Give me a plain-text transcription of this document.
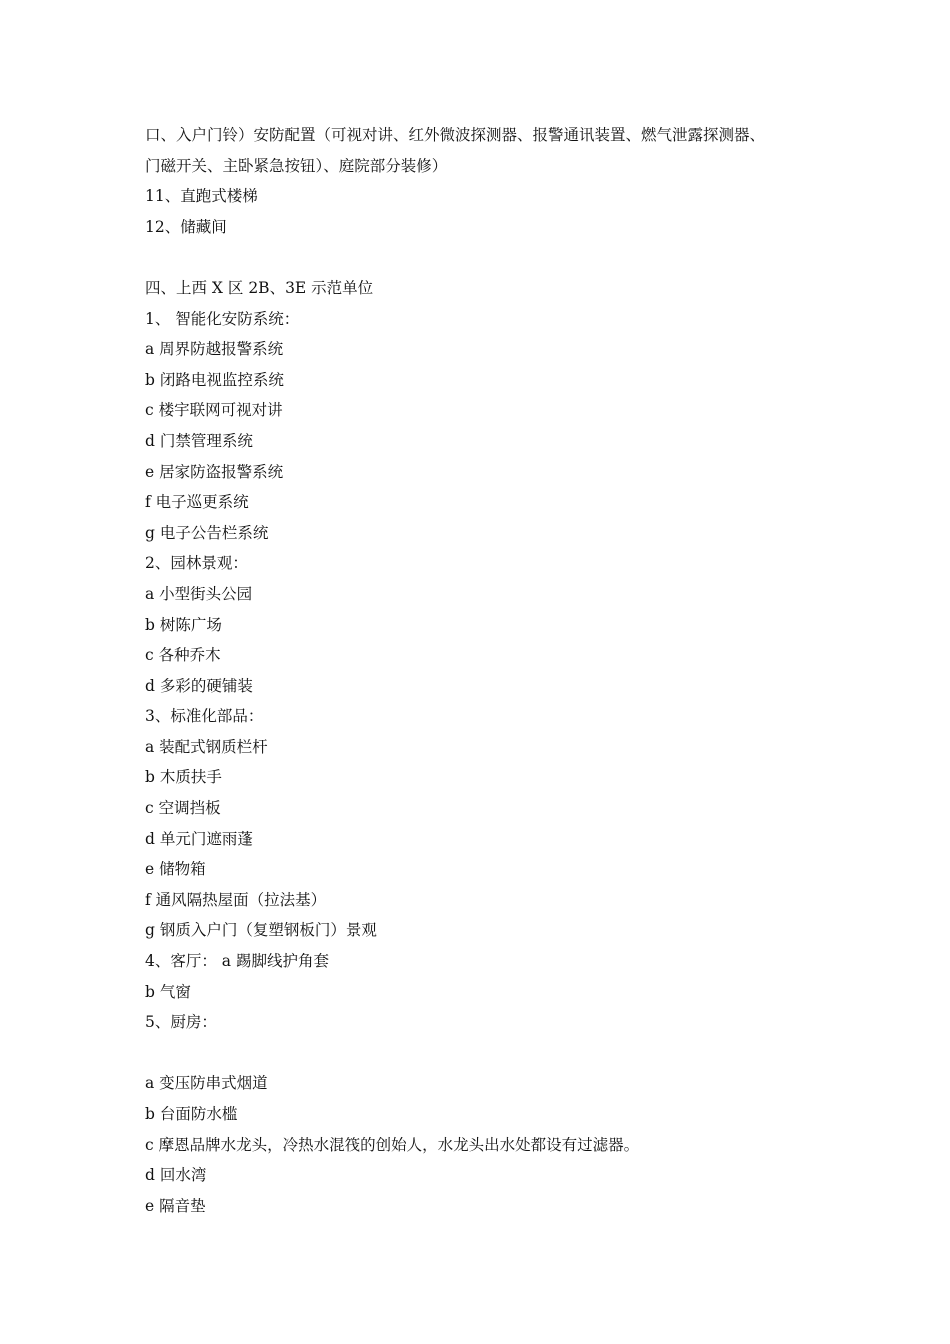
口、入户门铃）安防配置（可视对讲、红外微波探测器、报警通讯装置、燃气泄露探测器、
门磁开关、主卧紧急按钮）、庭院部分装修）
11、直跑式楼梯
12、储藏间
四、上西 X 区 2B、3E 示范单位
1、 智能化安防系统：
a 周界防越报警系统
b 闭路电视监控系统
c 楼宇联网可视对讲
d 门禁管理系统
e 居家防盗报警系统
f 电子巡更系统
g 电子公告栏系统
2、园林景观：
a 小型街头公园
b 树陈广场
c 各种乔木
d 多彩的硬铺装
3、标准化部品：
a 装配式钢质栏杆
b 木质扶手
c 空调挡板
d 单元门遮雨蓬
e 储物箱
f 通风隔热屋面（拉法基）
g 钢质入户门（复塑钢板门）景观
4、客厅： a 踢脚线护角套
b 气窗
5、厨房：
a 变压防串式烟道
b 台面防水槛
c 摩恩品牌水龙头，冷热水混筏的创始人，水龙头出水处都设有过滤器。
d 回水湾
e 隔音垫
